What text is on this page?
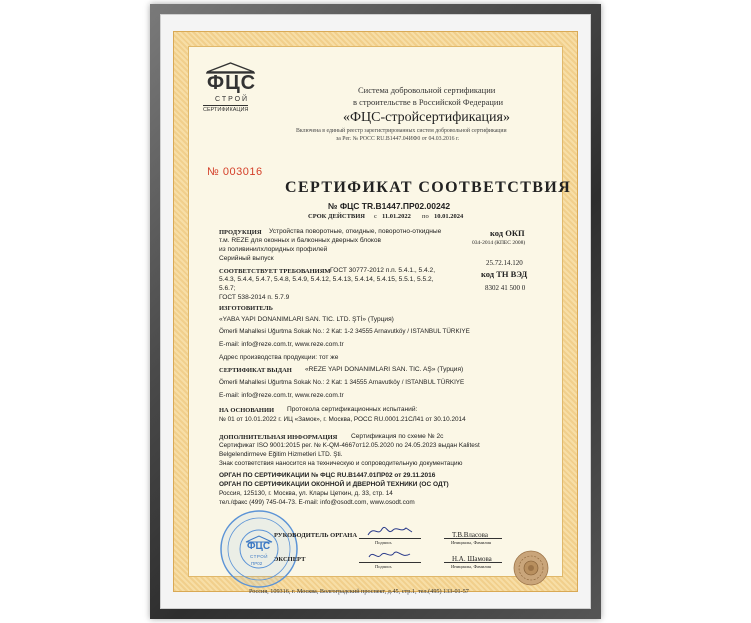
ФЦС
СТРОЙ
СЕРТИФИКАЦИЯ
Система добровольной сертификации
в строительстве в Российской Федерации
«ФЦС-стройсертификация»
Включена в единый реестр зарегистрированных систем добровольной сертификации
за Рег. № РОСС RU.В1447.04ИФ0 от 04.03.2016 г.
№ 003016
СЕРТИФИКАТ СООТВЕТСТВИЯ
№ ФЦС TR.В1447.ПР02.00242
СРОК ДЕЙСТВИЯ с 11.01.2022 по 10.01.2024
ПРОДУКЦИЯ Устройства поворотные, откидные, поворотно-откидные
т.м. REZE для оконных и балконных дверных блоков
из поливинилхлоридных профилей
Серийный выпуск
код ОКП
034-2014 (КПЕС 2008)
25.72.14.120
код ТН ВЭД
8302 41 500 0
СООТВЕТСТВУЕТ ТРЕБОВАНИЯМ ГОСТ 30777-2012 п.п. 5.4.1., 5.4.2,
5.4.3, 5.4.4, 5.4.7, 5.4.8, 5.4.9, 5.4.12, 5.4.13, 5.4.14, 5.4.15, 5.5.1, 5.5.2,
5.6.7;
ГОСТ 538-2014 п. 5.7.9
ИЗГОТОВИТЕЛЬ
«YABA YAPI DONANIMLARI SAN. TIC. LTD. ŞTİ» (Турция)
Ömerli Mahallesi Uğurtma Sokak No.: 2 Kat: 1-2 34555 Arnavutköy / ISTANBUL TÜRKIYE
E-mail: info@reze.com.tr, www.reze.com.tr
Адрес производства продукции: тот же
СЕРТИФИКАТ ВЫДАН «REZE YAPI DONANIMLARI SAN. TIC. AŞ» (Турция)
Ömerli Mahallesi Uğurtma Sokak No.: 2 Kat: 1 34555 Arnavutköy / ISTANBUL TÜRKIYE
E-mail: info@reze.com.tr, www.reze.com.tr
НА ОСНОВАНИИ Протокола сертификационных испытаний:
№ 01 от 10.01.2022 г. ИЦ «Замок», г. Москва, РОСС RU.0001.21СЛ41 от 30.10.2014
ДОПОЛНИТЕЛЬНАЯ ИНФОРМАЦИЯ Сертификация по схеме № 2с
Сертификат ISO 9001:2015 рег. № K-QM-4667от12.05.2020 по 24.05.2023 выдан Kalitest
Belgelendirmeve Eğitim Hizmetleri LTD. Şti.
Знак соответствия наносится на техническую и сопроводительную документацию
ОРГАН ПО СЕРТИФИКАЦИИ № ФЦС RU.В1447.01ПР02 от 29.11.2016
ОРГАН ПО СЕРТИФИКАЦИИ ОКОННОЙ И ДВЕРНОЙ ТЕХНИКИ (ОС ОДТ)
Россия, 125130, г. Москва, ул. Клары Цеткин, д. 33, стр. 14
тел./факс (499) 745-04-73. E-mail: info@osodt.com, www.osodt.com
ФЦС
СТРОЙ
ПР02
РУКОВОДИТЕЛЬ ОРГАНА
Подпись
Т.В.Власова
Инициалы, Фамилия
ЭКСПЕРТ
Подпись
Н.А. Шамова
Инициалы, Фамилия
Россия, 109316, г. Москва, Волгоградский проспект, д.45, стр.1, тел.(495) 133-01-57
